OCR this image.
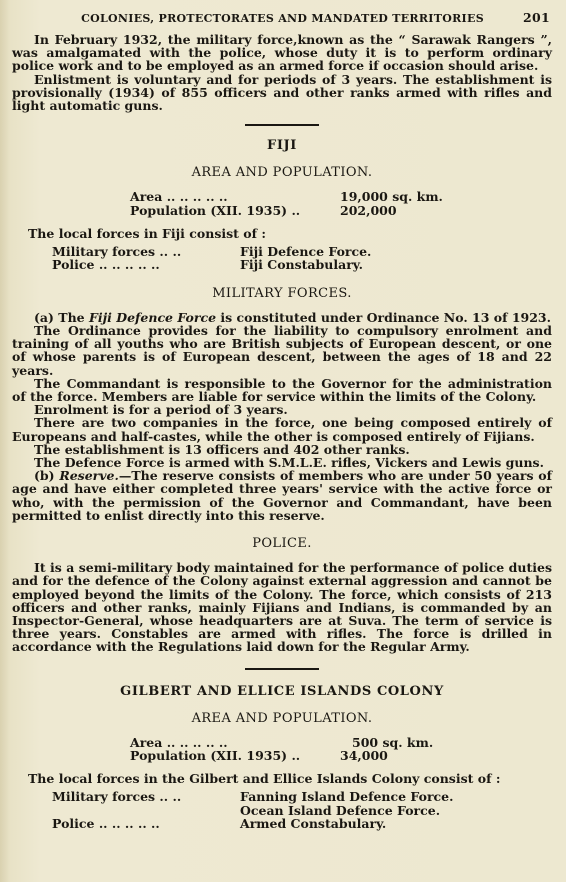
COLONIES, PROTECTORATES AND MANDATED TERRITORIES	201

In February 1932, the military force,known as the “ Sarawak Rangers ”, was amalgamated with the police, whose duty it is to perform ordinary police work and to be employed as an armed force if occasion should arise.

Enlistment is voluntary and for periods of 3 years. The establishment is provisionally (1934) of 855 officers and other ranks armed with rifles and light automatic guns.

FIJI
AREA AND POPULATION.
Area .. .. .. .. ..	19,000 sq. km.
Population (XII. 1935) ..	202,000
The local forces in Fiji consist of :
Military forces .. ..	Fiji Defence Force.
Police .. .. .. .. ..	Fiji Constabulary.
MILITARY FORCES.

(a) The Fiji Defence Force is constituted under Ordinance No. 13 of 1923.

The Ordinance provides for the liability to compulsory enrolment and training of all youths who are British subjects of European descent, or one of whose parents is of European descent, between the ages of 18 and 22 years.

The Commandant is responsible to the Governor for the administration of the force. Members are liable for service within the limits of the Colony.

Enrolment is for a period of 3 years.

There are two companies in the force, one being composed entirely of Europeans and half-castes, while the other is composed entirely of Fijians.

The establishment is 13 officers and 402 other ranks.

The Defence Force is armed with S.M.L.E. rifles, Vickers and Lewis guns.

(b) Reserve.—The reserve consists of members who are under 50 years of age and have either completed three years' service with the active force or who, with the permission of the Governor and Commandant, have been permitted to enlist directly into this reserve.

POLICE.

It is a semi-military body maintained for the performance of police duties and for the defence of the Colony against external aggression and cannot be employed beyond the limits of the Colony. The force, which consists of 213 officers and other ranks, mainly Fijians and Indians, is commanded by an Inspector-General, whose headquarters are at Suva. The term of service is three years. Constables are armed with rifles. The force is drilled in accordance with the Regulations laid down for the Regular Army.

GILBERT AND ELLICE ISLANDS COLONY
AREA AND POPULATION.
Area .. .. .. .. ..	500 sq. km.
Population (XII. 1935) ..	34,000
The local forces in the Gilbert and Ellice Islands Colony consist of :
Military forces .. ..	Fanning Island Defence Force.
Ocean Island Defence Force.
Police .. .. .. .. ..	Armed Constabulary.
